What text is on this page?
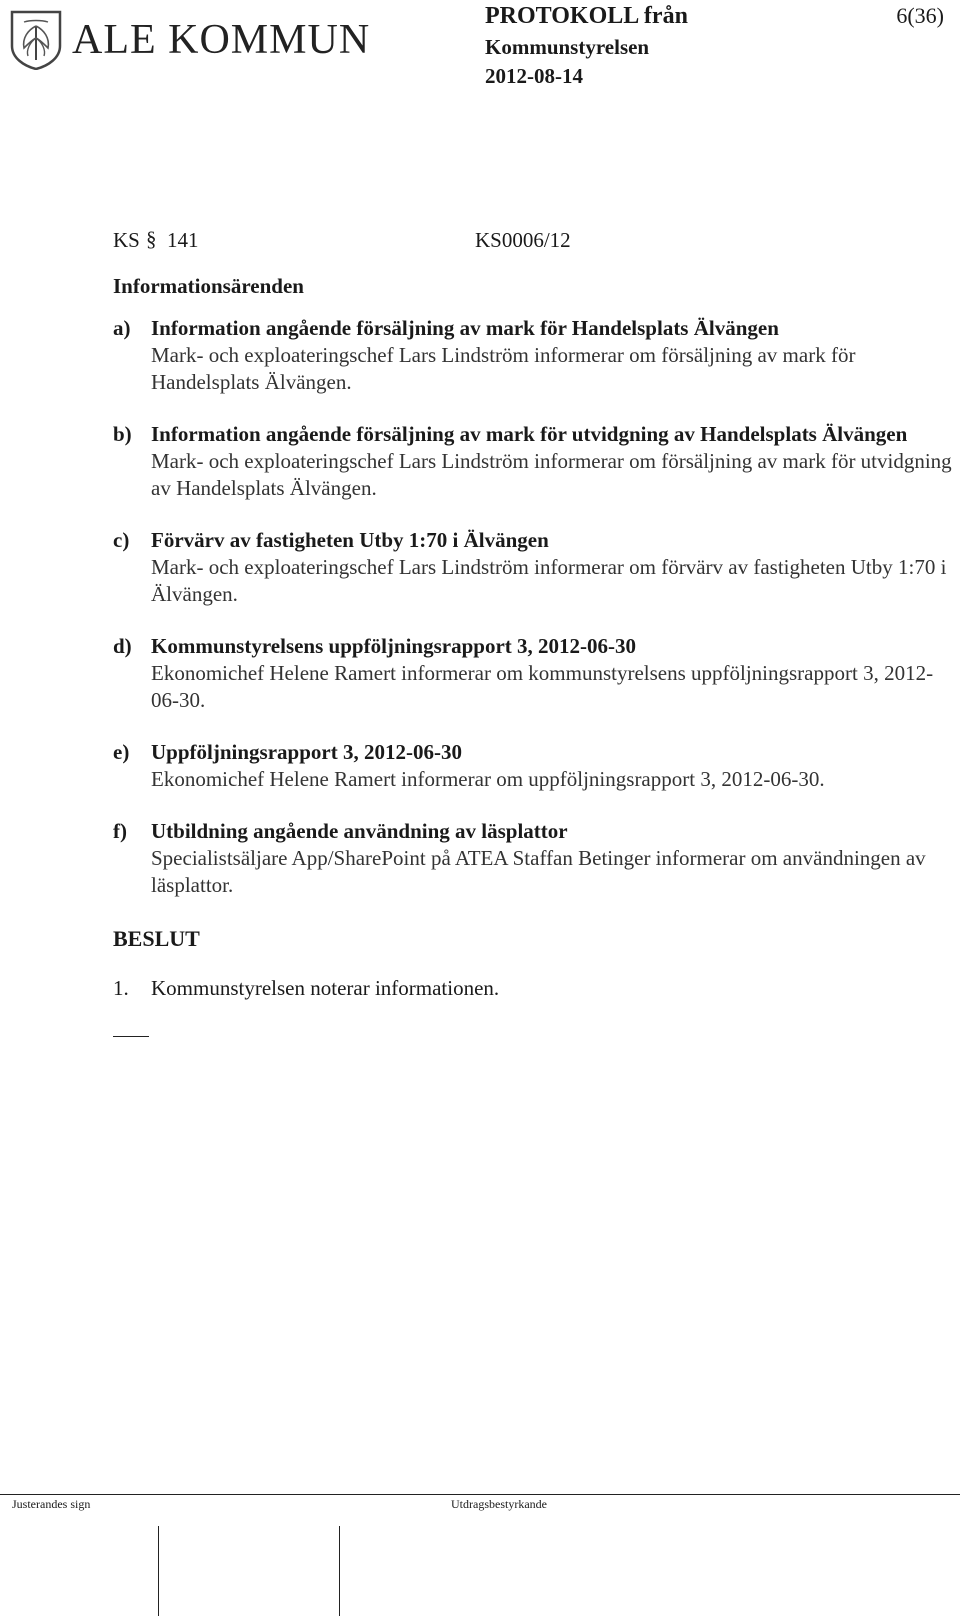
ALE KOMMUN
PROTOKOLL från
Kommunstyrelsen
2012-08-14
6(36)
KS § 141	KS0006/12
Informationsärenden
a) Information angående försäljning av mark för Handelsplats Älvängen
Mark- och exploateringschef Lars Lindström informerar om försäljning av mark för Handelsplats Älvängen.
b) Information angående försäljning av mark för utvidgning av Handelsplats Älvängen
Mark- och exploateringschef Lars Lindström informerar om försäljning av mark för utvidgning av Handelsplats Älvängen.
c) Förvärv av fastigheten Utby 1:70 i Älvängen
Mark- och exploateringschef Lars Lindström informerar om förvärv av fastigheten Utby 1:70 i Älvängen.
d) Kommunstyrelsens uppföljningsrapport 3, 2012-06-30
Ekonomichef Helene Ramert informerar om kommunstyrelsens uppföljningsrapport 3, 2012-06-30.
e) Uppföljningsrapport 3, 2012-06-30
Ekonomichef Helene Ramert informerar om uppföljningsrapport 3, 2012-06-30.
f) Utbildning angående användning av läsplattor
Specialistsäljare App/SharePoint på ATEA Staffan Betinger informerar om användningen av läsplattor.
BESLUT
1. Kommunstyrelsen noterar informationen.
Justerandes sign	Utdragsbestyrkande
